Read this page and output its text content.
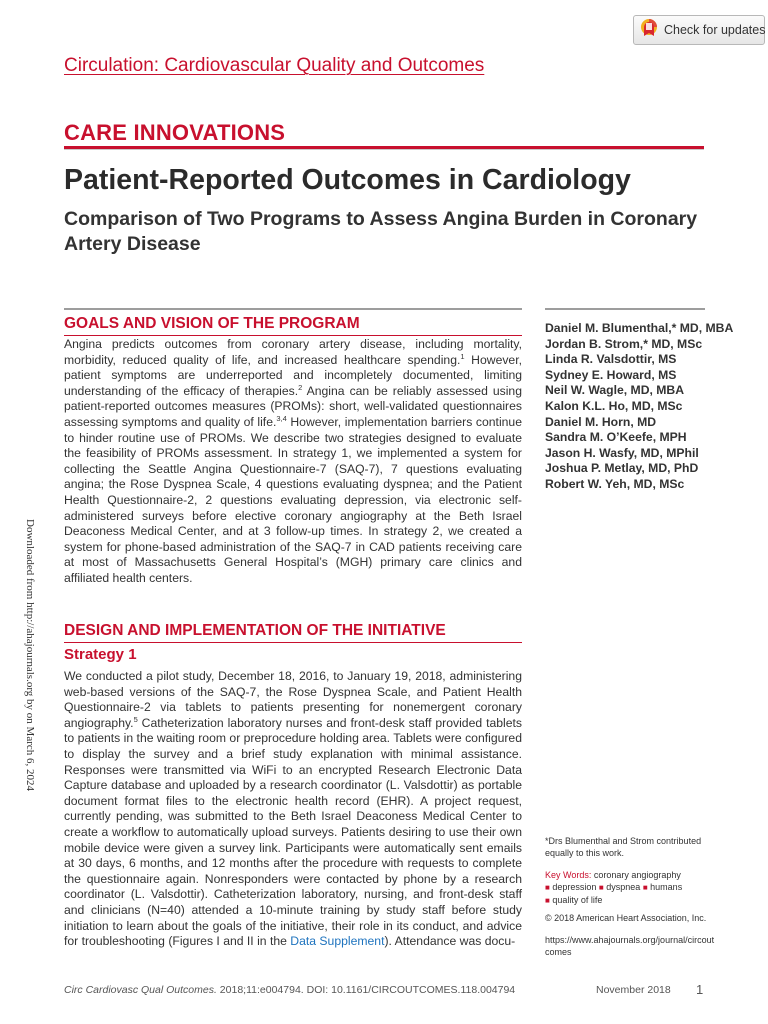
Check for updates
Circulation: Cardiovascular Quality and Outcomes
CARE INNOVATIONS
Patient-Reported Outcomes in Cardiology
Comparison of Two Programs to Assess Angina Burden in Coronary Artery Disease
GOALS AND VISION OF THE PROGRAM

Angina predicts outcomes from coronary artery disease, including mortality, morbidity, reduced quality of life, and increased healthcare spending.$^1$ However, patient symptoms are underreported and incompletely documented, limiting understanding of the efficacy of therapies.$^2$ Angina can be reliably assessed using patient-reported outcomes measures (PROMs): short, well-validated questionnaires assessing symptoms and quality of life.$^{3,4}$ However, implementation barriers continue to hinder routine use of PROMs. We describe two strategies designed to evaluate the feasibility of PROMs assessment. In strategy 1, we implemented a system for collecting the Seattle Angina Questionnaire-7 (SAQ-7), 7 questions evaluating angina; the Rose Dyspnea Scale, 4 questions evaluating dyspnea; and the Patient Health Questionnaire-2, 2 questions evaluating depression, via electronic self-administered surveys before elective coronary angiography at the Beth Israel Deaconess Medical Center, and at 3 follow-up times. In strategy 2, we created a system for phone-based administration of the SAQ-7 in CAD patients receiving care at most of Massachusetts General Hospital’s (MGH) primary care clinics and affiliated health centers.

DESIGN AND IMPLEMENTATION OF THE INITIATIVE
Strategy 1

We conducted a pilot study, December 18, 2016, to January 19, 2018, administering web-based versions of the SAQ-7, the Rose Dyspnea Scale, and Patient Health Questionnaire-2 via tablets to patients presenting for nonemergent coronary angiography.$^5$ Catheterization laboratory nurses and front-desk staff provided tablets to patients in the waiting room or preprocedure holding area. Tablets were configured to display the survey and a brief study explanation with minimal assistance. Responses were transmitted via WiFi to an encrypted Research Electronic Data Capture database and uploaded by a research coordinator (L. Valsdottir) as portable document format files to the electronic health record (EHR). A project request, currently pending, was submitted to the Beth Israel Deaconess Medical Center to create a workflow to automatically upload surveys. Patients desiring to use their own mobile device were given a survey link. Participants were automatically sent emails at 30 days, 6 months, and 12 months after the procedure with requests to complete the questionnaire again. Nonresponders were contacted by phone by a research coordinator (L. Valsdottir). Catheterization laboratory, nursing, and front-desk staff and clinicians (N=40) attended a 10-minute training by study staff before study initiation to learn about the goals of the initiative, their role in its conduct, and advice for troubleshooting (Figures I and II in the Data Supplement). Attendance was docu-

Daniel M. Blumenthal,* MD, MBA
Jordan B. Strom,* MD, MSc
Linda R. Valsdottir, MS
Sydney E. Howard, MS
Neil W. Wagle, MD, MBA
Kalon K.L. Ho, MD, MSc
Daniel M. Horn, MD
Sandra M. O’Keefe, MPH
Jason H. Wasfy, MD, MPhil
Joshua P. Metlay, MD, PhD
Robert W. Yeh, MD, MSc
Downloaded from http://ahajournals.org by on March 6, 2024
*Drs Blumenthal and Strom contributed equally to this work.
Key Words: coronary angiography
■ depression ■ dyspnea ■ humans
■ quality of life
© 2018 American Heart Association, Inc.
https://www.ahajournals.org/journal/circoutcomes
Circ Cardiovasc Qual Outcomes. 2018;11:e004794. DOI: 10.1161/CIRCOUTCOMES.118.004794	November 2018 1
